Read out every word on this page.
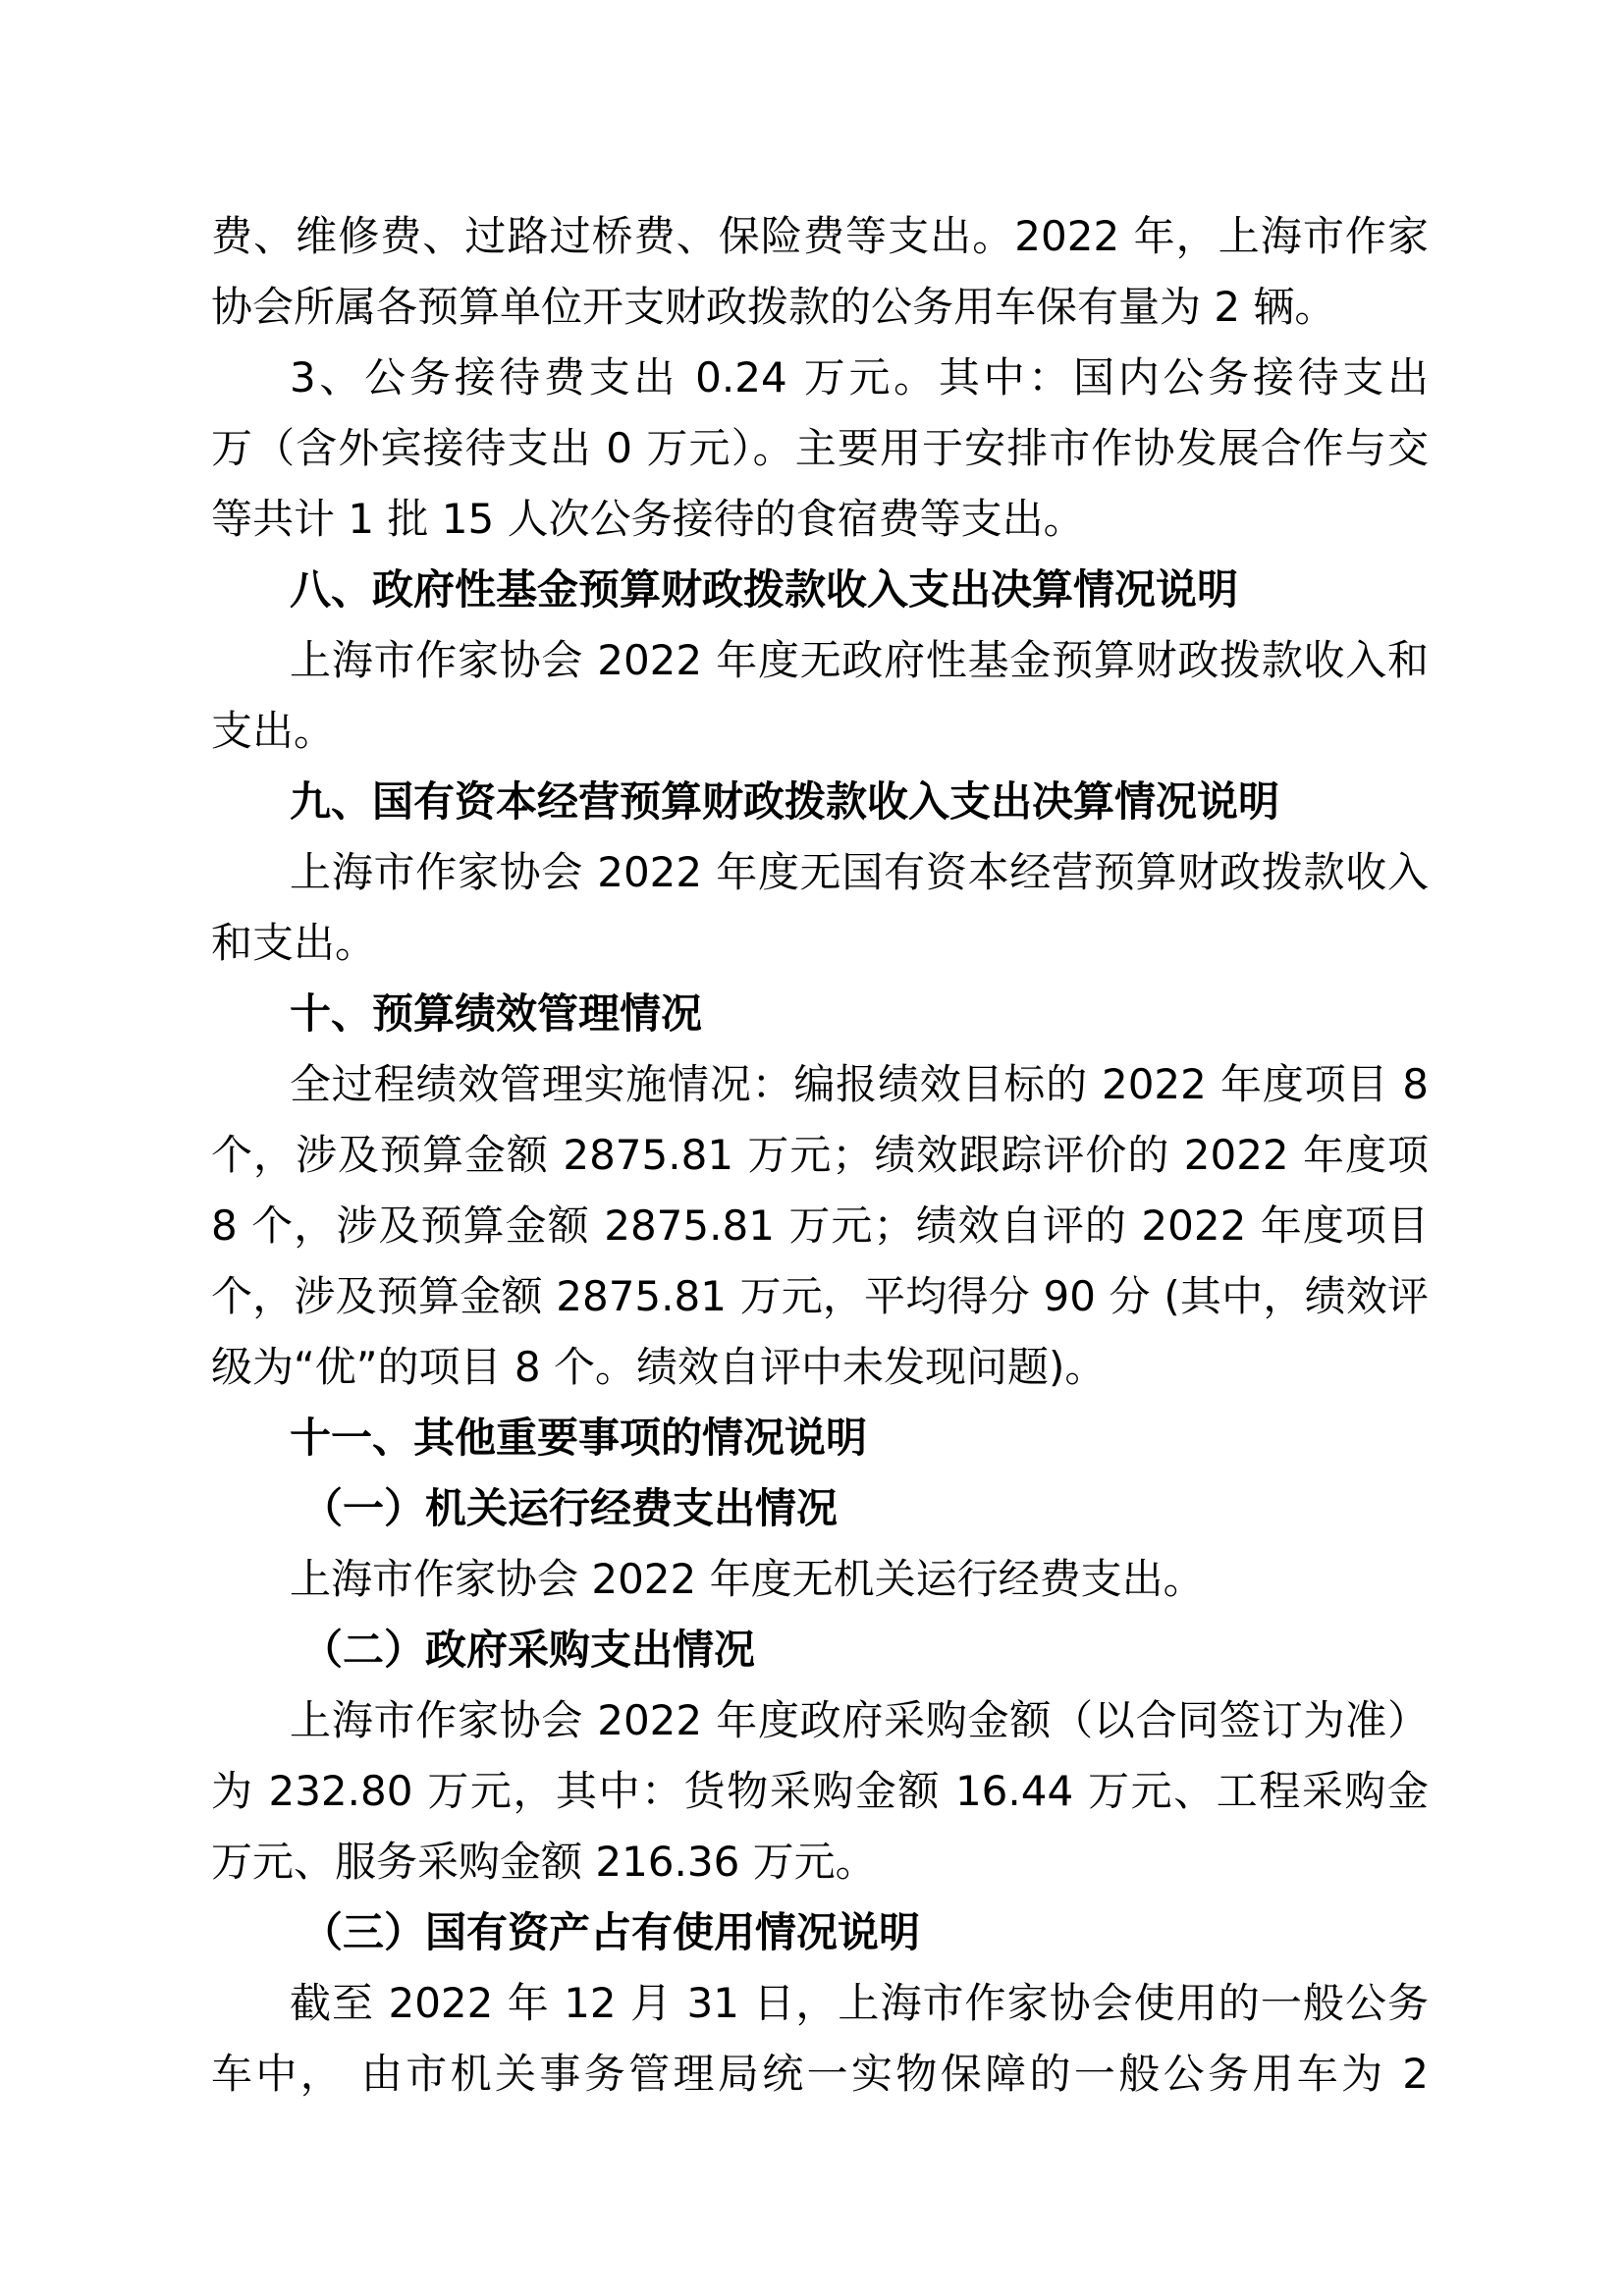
费、维修费、过路过桥费、保险费等支出。2022 年，上海市作家
协会所属各预算单位开支财政拨款的公务用车保有量为 2 辆。
3、公务接待费支出 0.24 万元。其中：国内公务接待支出
万（含外宾接待支出 0 万元）。主要用于安排市作协发展合作与交
等共计 1 批 15 人次公务接待的食宿费等支出。
八、政府性基金预算财政拨款收入支出决算情况说明
上海市作家协会 2022 年度无政府性基金预算财政拨款收入和
支出。
九、国有资本经营预算财政拨款收入支出决算情况说明
上海市作家协会 2022 年度无国有资本经营预算财政拨款收入
和支出。
十、预算绩效管理情况
全过程绩效管理实施情况：编报绩效目标的 2022 年度项目 8
个，涉及预算金额 2875.81 万元；绩效跟踪评价的 2022 年度项
8 个，涉及预算金额 2875.81 万元；绩效自评的 2022 年度项目
个，涉及预算金额 2875.81 万元，平均得分 90 分 (其中，绩效评
级为“优”的项目 8 个。绩效自评中未发现问题)。
十一、其他重要事项的情况说明
（一）机关运行经费支出情况
上海市作家协会 2022 年度无机关运行经费支出。
（二）政府采购支出情况
上海市作家协会 2022 年度政府采购金额（以合同签订为准）
为 232.80 万元，其中：货物采购金额 16.44 万元、工程采购金
万元、服务采购金额 216.36 万元。
（三）国有资产占有使用情况说明
截至 2022 年 12 月 31 日，上海市作家协会使用的一般公务
车中， 由市机关事务管理局统一实物保障的一般公务用车为 2
